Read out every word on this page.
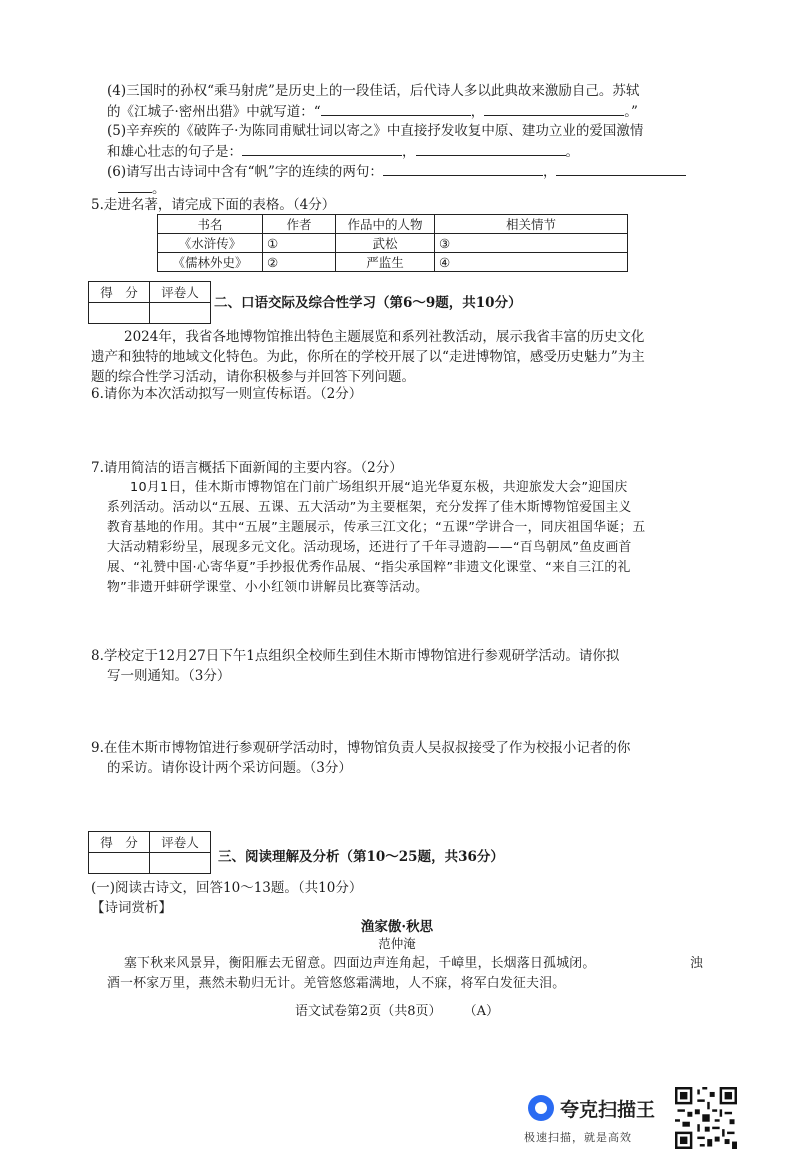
(4)三国时的孙权“乘马射虎”是历史上的一段佳话，后代诗人多以此典故来激励自己。苏轼
的《江城子·密州出猎》中就写道：“	，	。”
(5)辛弃疾的《破阵子·为陈同甫赋壮词以寄之》中直接抒发收复中原、建功立业的爱国激情
和雄心壮志的句子是：	，	。
(6)请写出古诗词中含有“帆”字的连续的两句：	，
。
5.走进名著，请完成下面的表格。（4分）
书名	作者	作品中的人物	相关情节
《水浒传》	①	武松	③
《儒林外史》	②	严监生	④
得　分	评卷人

二、口语交际及综合性学习（第6～9题，共10分）
2024年，我省各地博物馆推出特色主题展览和系列社教活动，展示我省丰富的历史文化
遗产和独特的地域文化特色。为此，你所在的学校开展了以“走进博物馆，感受历史魅力”为主
题的综合性学习活动，请你积极参与并回答下列问题。
6.请你为本次活动拟写一则宣传标语。（2分）
7.请用简洁的语言概括下面新闻的主要内容。（2分）
10月1日，佳木斯市博物馆在门前广场组织开展“追光华夏东极，共迎旅发大会”迎国庆
系列活动。活动以“五展、五课、五大活动”为主要框架，充分发挥了佳木斯博物馆爱国主义
教育基地的作用。其中“五展”主题展示，传承三江文化；“五课”学讲合一，同庆祖国华诞；五
大活动精彩纷呈，展现多元文化。活动现场，还进行了千年寻遗韵——“百鸟朝凤”鱼皮画首
展、“礼赞中国·心寄华夏”手抄报优秀作品展、“指尖承国粹”非遗文化课堂、“来自三江的礼
物”非遗开蚌研学课堂、小小红领巾讲解员比赛等活动。
8.学校定于12月27日下午1点组织全校师生到佳木斯市博物馆进行参观研学活动。请你拟
写一则通知。（3分）
9.在佳木斯市博物馆进行参观研学活动时，博物馆负责人吴叔叔接受了作为校报小记者的你
的采访。请你设计两个采访问题。（3分）
得　分	评卷人

三、阅读理解及分析（第10～25题，共36分）
(一)阅读古诗文，回答10～13题。（共10分）
【诗词赏析】
渔家傲·秋思
范仲淹
塞下秋来风景异，衡阳雁去无留意。四面边声连角起，千嶂里，长烟落日孤城闭。	浊
酒一杯家万里，燕然未勒归无计。羌管悠悠霜满地，人不寐，将军白发征夫泪。
语文试卷第2页（共8页） （A）
夸克扫描王
极速扫描，就是高效
